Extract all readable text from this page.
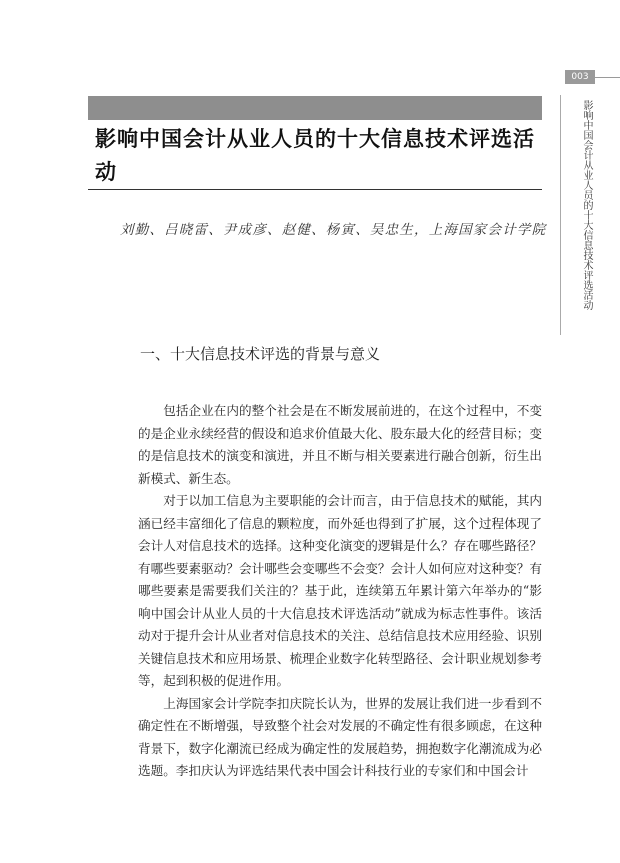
003
影响中国会计从业人员的十大信息技术评选活动
影响中国会计从业人员的十大信息技术评选活动
刘勤、吕晓雷、尹成彦、赵健、杨寅、吴忠生，上海国家会计学院
一、十大信息技术评选的背景与意义

包括企业在内的整个社会是在不断发展前进的，在这个过程中，不变的是企业永续经营的假设和追求价值最大化、股东最大化的经营目标；变的是信息技术的演变和演进，并且不断与相关要素进行融合创新，衍生出新模式、新生态。

对于以加工信息为主要职能的会计而言，由于信息技术的赋能，其内涵已经丰富细化了信息的颗粒度，而外延也得到了扩展，这个过程体现了会计人对信息技术的选择。这种变化演变的逻辑是什么？存在哪些路径？有哪些要素驱动？会计哪些会变哪些不会变？会计人如何应对这种变？有哪些要素是需要我们关注的？基于此，连续第五年累计第六年举办的“影响中国会计从业人员的十大信息技术评选活动”就成为标志性事件。该活动对于提升会计从业者对信息技术的关注、总结信息技术应用经验、识别关键信息技术和应用场景、梳理企业数字化转型路径、会计职业规划参考等，起到积极的促进作用。

上海国家会计学院李扣庆院长认为，世界的发展让我们进一步看到不确定性在不断增强，导致整个社会对发展的不确定性有很多顾虑，在这种背景下，数字化潮流已经成为确定性的发展趋势，拥抱数字化潮流成为必选题。李扣庆认为评选结果代表中国会计科技行业的专家们和中国会计
